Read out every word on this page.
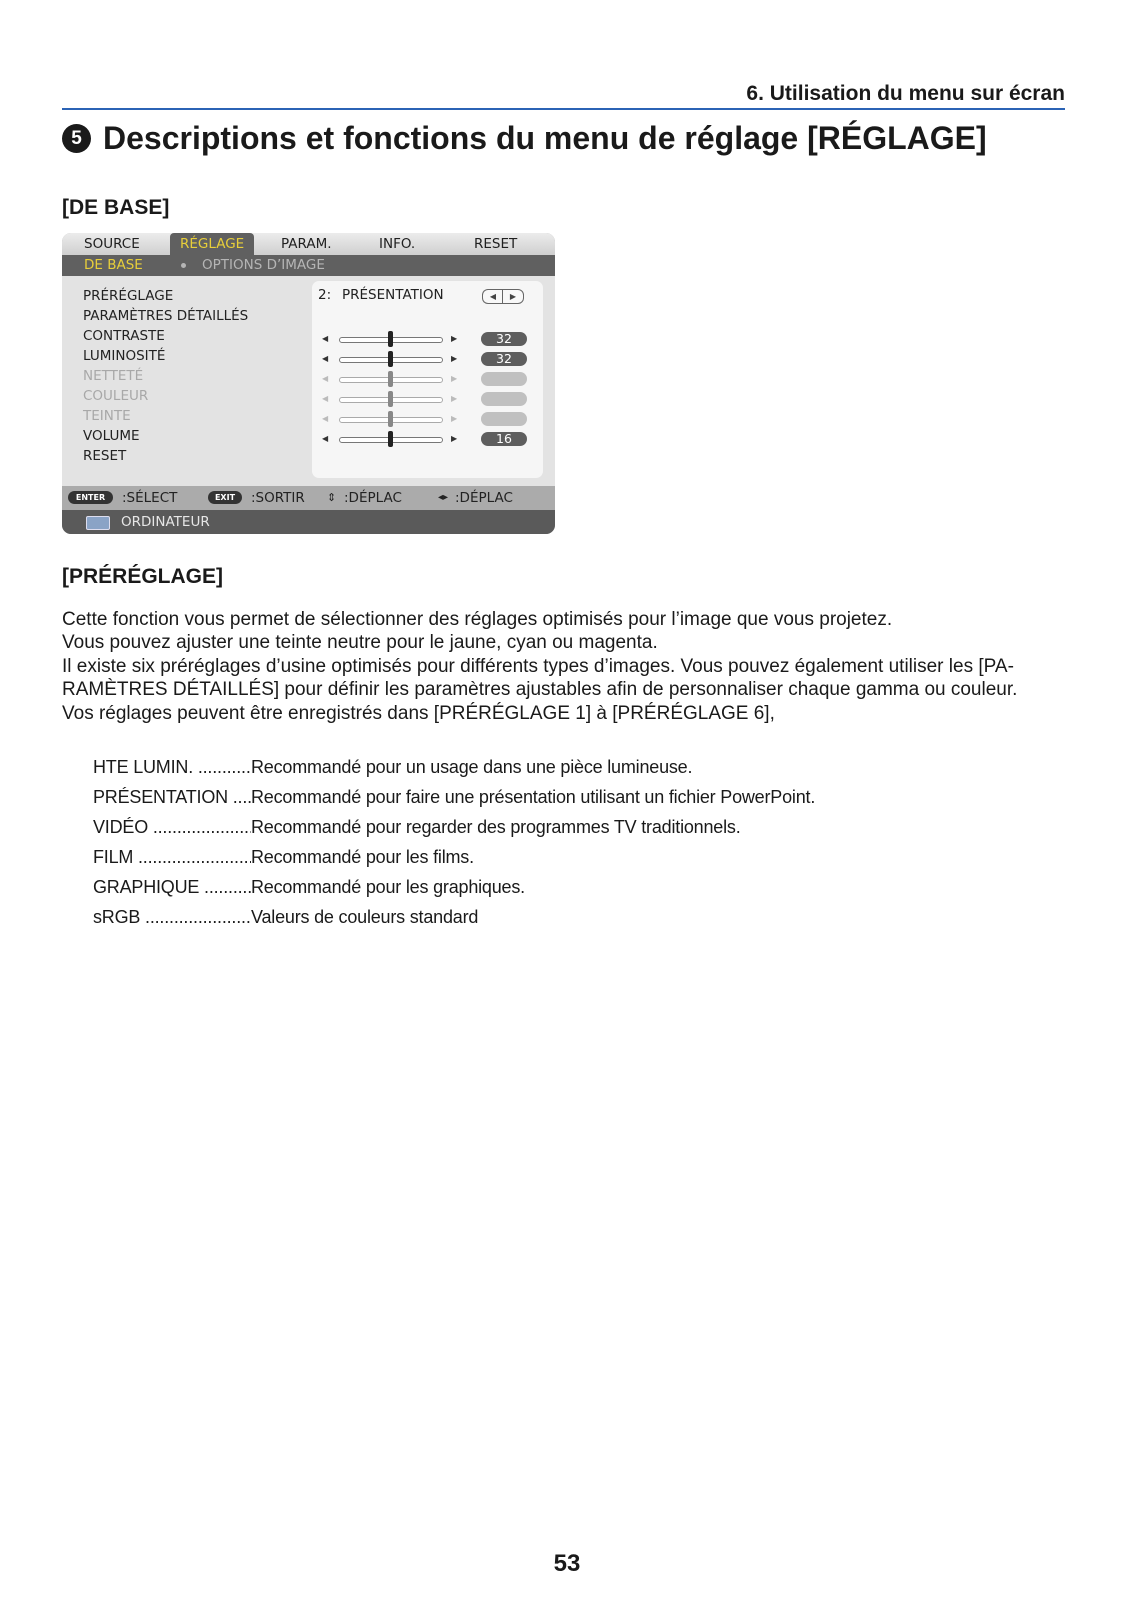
6. Utilisation du menu sur écran
5 Descriptions et fonctions du menu de réglage [RÉGLAGE]
[DE BASE]
SOURCE	RÉGLAGE	PARAM.	INFO.	RESET
DE BASE	OPTIONS D’IMAGE
PRÉRÉGLAGE
PARAMÈTRES DÉTAILLÉS
CONTRASTE
LUMINOSITÉ
NETTETÉ
COULEUR
TEINTE
VOLUME
RESET
2: PRÉSENTATION	◀	▶
◀	▶	32
◀	▶	32
◀	▶
◀	▶
◀	▶
◀	▶	16
ENTER	:SÉLECT	EXIT	:SORTIR ⇕ :DÉPLAC	◂▸ :DÉPLAC
ORDINATEUR
[PRÉRÉGLAGE]

Cette fonction vous permet de sélectionner des réglages optimisés pour l’image que vous projetez.
Vous pouvez ajuster une teinte neutre pour le jaune, cyan ou magenta.
Il existe six préréglages d’usine optimisés pour différents types d’images. Vous pouvez également utiliser les [PA-
RAMÈTRES DÉTAILLÉS] pour définir les paramètres ajustables afin de personnaliser chaque gamma ou couleur.
Vos réglages peuvent être enregistrés dans [PRÉRÉGLAGE 1] à [PRÉRÉGLAGE 6],

HTE LUMIN. .....	Recommandé pour un usage dans une pièce lumineuse.
PRÉSENTATION ..... Recommandé pour faire une présentation utilisant un fichier PowerPoint.
VIDÉO .....	Recommandé pour regarder des programmes TV traditionnels.
FILM .....	Recommandé pour les films.
GRAPHIQUE .....	Recommandé pour les graphiques.
sRGB .....	Valeurs de couleurs standard
53
